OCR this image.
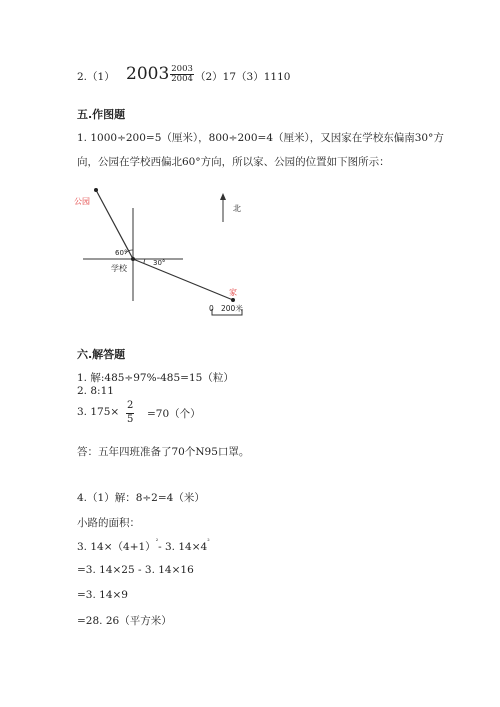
2.（1） $2003 \frac{2003}{2004} (2)17(3)1110$
五.作图题
1. 1000÷200=5（厘米），800÷200=4（厘米），又因家在学校东偏南30°方
向，公园在学校西偏北60°方向，所以家、公园的位置如下图所示：
公园
北
60°
30°
学校
家
0 200米
六.解答题
1. 解:485÷97%-485=15（粒）
2. 8:11
3. $175\times \frac{2}{5} =70$（个）
答：五年四班准备了70个N95口罩。
4.（1）解：8÷2=4（米）
小路的面积：
3. $14\times(4+1)^{^2}-$ 3. $14\times 4^{^2}$
=3. 14×25 - 3. 14×16
=3. 14×9
=28. 26（平方米）
